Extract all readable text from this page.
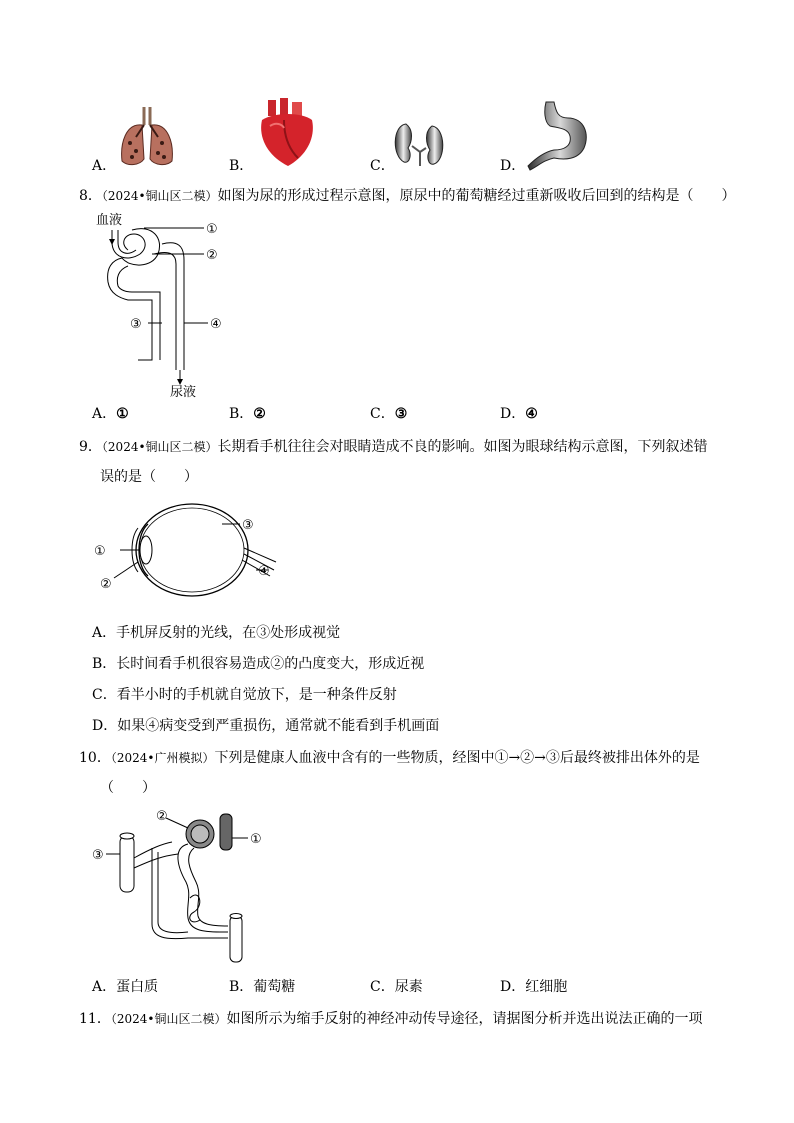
A．	B．	C．	D．
8．（2024•铜山区二模）如图为尿的形成过程示意图，原尿中的葡萄糖经过重新吸收后回到的结构是（　　）
血液
尿液
①
②
③	④
A．①	B．②	C．③	D．④
9．（2024•铜山区二模）长期看手机往往会对眼睛造成不良的影响。如图为眼球结构示意图，下列叙述错
误的是（　　）
①
②
③
④
A．手机屏反射的光线，在③处形成视觉
B．长时间看手机很容易造成②的凸度变大，形成近视
C．看半小时的手机就自觉放下，是一种条件反射
D．如果④病变受到严重损伤，通常就不能看到手机画面
10．（2024•广州模拟）下列是健康人血液中含有的一些物质，经图中①→②→③后最终被排出体外的是
（　　）
③
①
②
A．蛋白质	B．葡萄糖	C．尿素	D．红细胞
11．（2024•铜山区二模）如图所示为缩手反射的神经冲动传导途径，请据图分析并选出说法正确的一项
